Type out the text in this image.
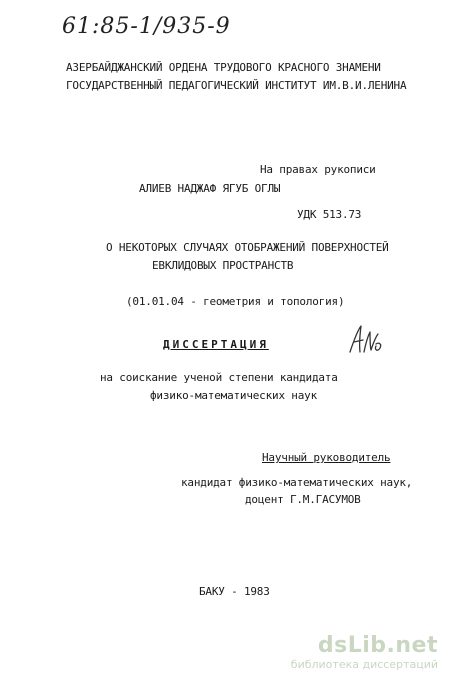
61:85-1/935-9
АЗЕРБАЙДЖАНСКИЙ ОРДЕНА ТРУДОВОГО КРАСНОГО ЗНАМЕНИ
ГОСУДАРСТВЕННЫЙ ПЕДАГОГИЧЕСКИЙ ИНСТИТУТ ИМ.В.И.ЛЕНИНА
На правах рукописи
АЛИЕВ НАДЖАФ ЯГУБ ОГЛЫ
УДК 513.73
О НЕКОТОРЫХ СЛУЧАЯХ ОТОБРАЖЕНИЙ ПОВЕРХНОСТЕЙ
ЕВКЛИДОВЫХ ПРОСТРАНСТВ
(01.01.04 - геометрия и топология)
ДИССЕРТАЦИЯ
на соискание ученой степени кандидата
физико-математических наук
Научный руководитель
кандидат физико-математических наук,
доцент Г.М.ГАСУМОВ
БАКУ - 1983
dsLib.net
библиотека диссертаций
